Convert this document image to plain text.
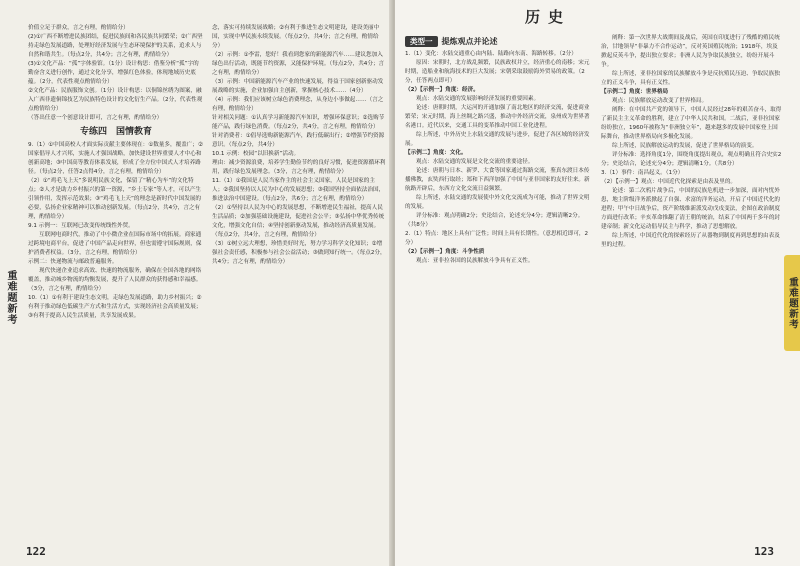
重难题新考

价值立足于群众，言之有理，酌情给分）

(2)①广西不断增进民族团结，促进民族间和各民族共同繁荣；②广西坚持走绿色发展道路，处理好经济发展与生态环境保护的关系，追求人与自然和谐共生。（每点2分，共4分；言之有理，酌情给分）

(3)①文化产品：“孤”字体验馆。（1分）设计构思：借鉴分析“孤”字的勤奋含义进行创作，通过文化分享，增强红色体验，体现地域历史底蕴。（2分，代表性观点酌情给分）

②文化产品：民族服饰文创。（1分）设计构思：以侗锦丝绣为图案，融入广西非遗侗锦技艺为民族特色设计的文化衍生产品。（2分，代表性观点酌情给分）

（答出任意一个创意设计即可，言之有理，酌情给分）

专练四　国情教育

9.（1）①中国高校人才面实际贡献主要体现在：①数量多，覆盖广；②国家倡导人才兴邦，实施人才强国战略，加快建设世界重要人才中心和创新高地；③中国高等教育体系发展，形成了全方位中国式人才培养路径。（每点2分，任答2点得4分，言之有理，酌情给分）

（2）①“鸡毛飞上天”多说明民族文化，保留了“精心为车”的文化特点；②人才是助力乡村振兴的第一资源，“乡土专家”等人才，可以产生引领作用，发挥示范效果；③“鸡毛飞上天”的理念是新时代中国发展的必要，弘扬企业家精神可以推动创新发展。（每点2分，共4分，言之有理，酌情给分）

9.1 示例一：互联网已改变传统线性外贸。

互联网电商时代，推动了中小微企业在国际市场中的拓展。商家通过跨境电商平台，促进了中国产品走向世界，但也需遵守国际规则，保护消费者权益。（3分，言之有理，酌情给分）

示例二：快递物流与邮政普遍服务。

现代快递企业追求高效、快速的物流服务，确保在全国各地的网络覆盖，推动城乡物流的均衡发展，提升了人民群众的获得感和幸福感。（3分，言之有理，酌情给分）

10.（1）①有利于建设生态文明，走绿色发展道路，助力乡村振兴；②有利于推动绿色低碳生产方式和生活方式，实现经济社会高质量发展；③有利于提高人民生活质量，共享发展成果。

念，落实可持续发展战略；②有利于推进生态文明建设，建设美丽中国，实现中华民族永续发展。（每点2分，共4分；言之有理，酌情给分）

（2）示例：①李雷，您好！我看到您家的新能源汽车……建议您加入绿色出行活动，既能节约资源，又能保护环境。（每点2分，共4分；言之有理，酌情给分）

（3）示例：中国新能源汽车产业的快速发展，得益于国家创新驱动发展战略的实施，企业加强自主创新，掌握核心技术……（4分）

（4）示例：我们应该树立绿色消费理念，从身边小事做起……（言之有理，酌情给分）

针对相关问题：①认真学习新能源汽车知识，增强环保意识；②选购节能产品，践行绿色消费。（每点2分，共4分，言之有理，酌情给分）

针对消费者：①倡导选购新能源汽车，践行低碳出行；②增强节约资源意识。（每点2分，共4分）

10.1 示例：校园“以旧换新”活动。

理由：减少资源浪费，培养学生勤俭节约的良好习惯，促进资源循环利用，践行绿色发展理念。（3分，言之有理，酌情给分）

11.（1）①我国是人民当家作主的社会主义国家，人民是国家的主人；②我国坚持以人民为中心的发展思想；③我国坚持全面依法治国，推进法治中国建设。（每点2分，共6分；言之有理，酌情给分）

（2）①坚持以人民为中心的发展思想，不断增进民生福祉，提高人民生活品质；②加强基础设施建设，促进社会公平；③弘扬中华优秀传统文化，增强文化自信；④坚持创新驱动发展，推动经济高质量发展。（每点2分，共4分，言之有理，酌情给分）

（3）①树立远大理想，珍惜美好时光，努力学习科学文化知识；②增强社会责任感，积极参与社会公益活动；③做到知行统一。（每点2分，共4分；言之有理，酌情给分）

122
历史
类型一	提炼观点并论述

1.（1）变化：水陆交通重心由内陆、陆路向东南、海路转移。（2分）

原因：宋朝时，北方战乱频繁，民族政权并立，经济重心的南移；宋元时期，造船业和航海技术的巨大发展；宋朝采取鼓励海外贸易的政策。（2分，任答两点即可）

（2）【示例一】角度：经济。

观点：水陆交通的发展影响经济发展的重要因素。

论述：唐朝时期，大运河的开通加强了南北地区的经济交流，促进商业繁荣；宋元时期，海上丝绸之路兴盛，推动中外经济交流，泉州成为世界著名港口。近代以来，交通工具的变革推动中国工业化进程。

综上所述，中外历史上水陆交通的发展与进步，促进了各区域的经济发展。

【示例二】角度：文化。

观点：水陆交通的发展是文化交流的重要途径。

论述：唐朝与日本、新罗、大食等国家通过海路交流，鉴真东渡日本传播佛教，玄奘西行取经；郑和下西洋加强了中国与亚非国家的友好往来。新航路开辟后，东西方文化交流日益频繁。

综上所述，水陆交通的发展使中外文化交流成为可能，推动了世界文明的发展。

评分标准：观点明确2分；史论结合，论述充分4分；逻辑清晰2分。（共8分）

2.（1）特点：地区上具有广泛性；时间上具有长期性。（意思相近即可，2分）

（2）【示例一】角度：斗争性质

观点：亚非拉各国的民族解放斗争具有正义性。

阐释：第一次世界大战期间及战后，英国在印度进行了残酷的殖民统治，甘地领导“非暴力不合作运动”，反对英国殖民统治；1918年，埃及掀起反英斗争，提出独立要求；非洲人民为争取民族独立，纷纷开展斗争。

综上所述，亚非拉国家的民族解放斗争是反抗殖民压迫、争取民族独立的正义斗争，具有正义性。

【示例二】角度：世界格局

观点：民族解放运动改变了世界格局。

阐释：在中国共产党的领导下，中国人民经过28年的艰苦奋斗，取得了新民主主义革命的胜利，建立了中华人民共和国。二战后，亚非拉国家纷纷独立，1960年被称为“非洲独立年”，越来越多的发展中国家登上国际舞台，推动世界格局向多极化发展。

综上所述，民族解放运动的发展，促进了世界格局的演变。

评分标准：选择角度1分，围绕角度提出观点，观点明确且符合史实2分；史论结合，论述充分4分；逻辑清晰1分。（共8分）

3.（1）事件：南昌起义。（1分）

（2）【示例一】观点：中国近代化探索是由表及里的。

论述：第二次鸦片战争后，中国的民族危机进一步加深，面对内忧外患，地主阶级洋务派掀起了自强、求富的洋务运动，开启了中国近代化的进程；甲午中日战争后，资产阶级维新派发动戊戌变法，企图在政治制度方面进行改革；辛亥革命推翻了清王朝的统治，结束了中国两千多年的封建帝制；新文化运动倡导民主与科学，推动了思想解放。

综上所述，中国近代化的探索经历了从器物到制度再到思想的由表及里的过程。

重难题新考
123
